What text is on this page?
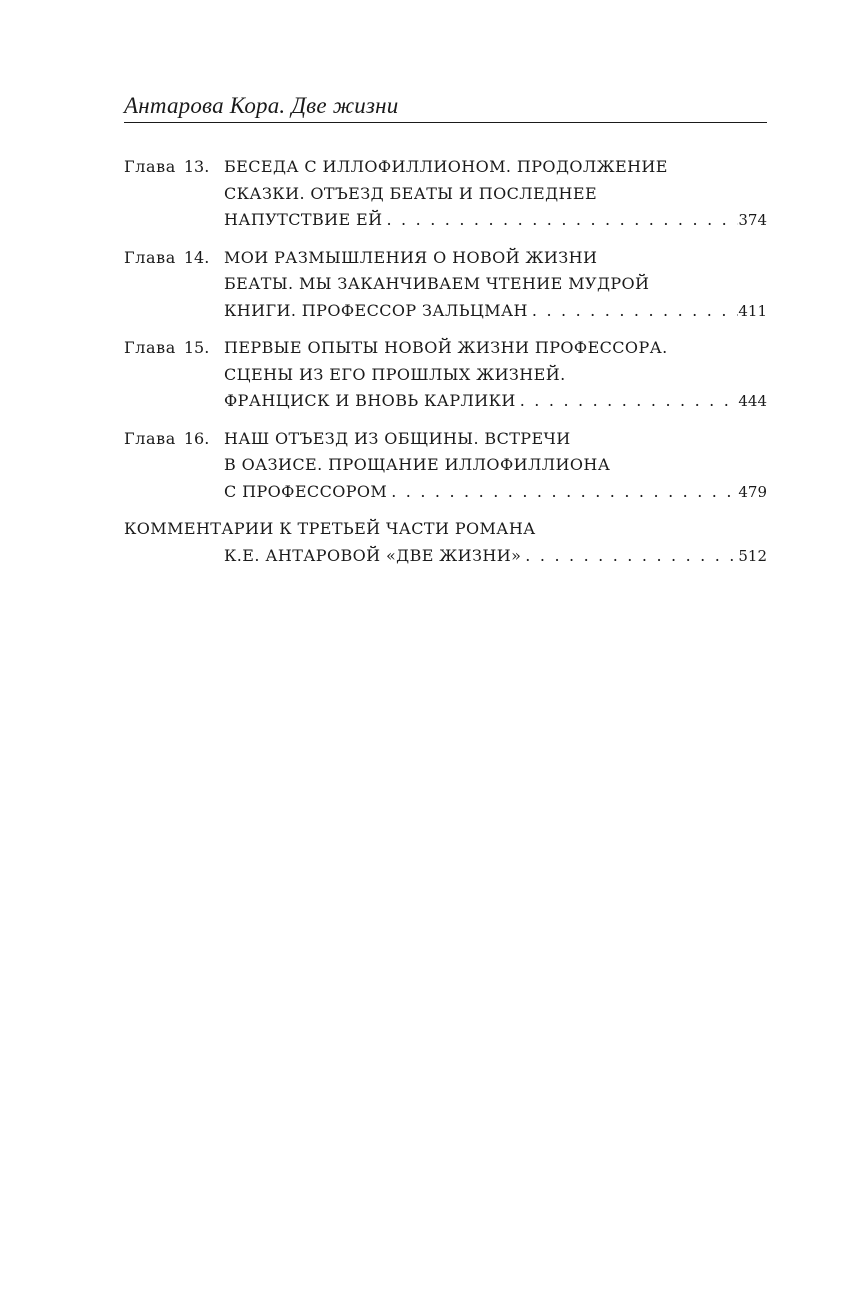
Антарова Кора. Две жизни
Глава 13. БЕСЕДА С ИЛЛОФИЛЛИОНОМ. ПРОДОЛЖЕНИЕ
СКАЗКИ. ОТЪЕЗД БЕАТЫ И ПОСЛЕДНЕЕ
НАПУТСТВИЕ ЕЙ . . .	374
Глава 14. МОИ РАЗМЫШЛЕНИЯ О НОВОЙ ЖИЗНИ
БЕАТЫ. МЫ ЗАКАНЧИВАЕМ ЧТЕНИЕ МУДРОЙ
КНИГИ. ПРОФЕССОР ЗАЛЬЦМАН . . .	411
Глава 15. ПЕРВЫЕ ОПЫТЫ НОВОЙ ЖИЗНИ ПРОФЕССОРА.
СЦЕНЫ ИЗ ЕГО ПРОШЛЫХ ЖИЗНЕЙ.
ФРАНЦИСК И ВНОВЬ КАРЛИКИ . . .	444
Глава 16. НАШ ОТЪЕЗД ИЗ ОБЩИНЫ. ВСТРЕЧИ
В ОАЗИСЕ. ПРОЩАНИЕ ИЛЛОФИЛЛИОНА
С ПРОФЕССОРОМ . . .	479
КОММЕНТАРИИ К ТРЕТЬЕЙ ЧАСТИ РОМАНА
К.Е. АНТАРОВОЙ «ДВЕ ЖИЗНИ» . . .	512
